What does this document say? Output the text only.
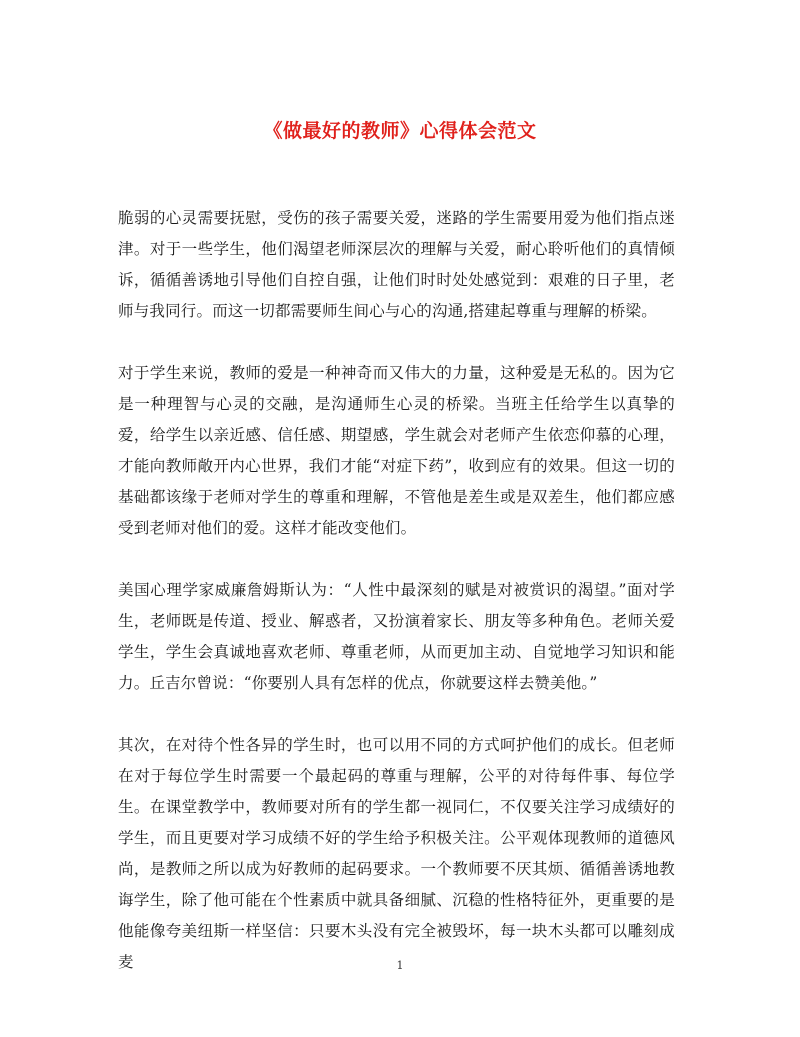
《做最好的教师》心得体会范文

脆弱的心灵需要抚慰，受伤的孩子需要关爱，迷路的学生需要用爱为他们指点迷津。对于一些学生，他们渴望老师深层次的理解与关爱，耐心聆听他们的真情倾诉，循循善诱地引导他们自控自强，让他们时时处处感觉到：艰难的日子里，老师与我同行。而这一切都需要师生间心与心的沟通,搭建起尊重与理解的桥梁。

对于学生来说，教师的爱是一种神奇而又伟大的力量，这种爱是无私的。因为它是一种理智与心灵的交融，是沟通师生心灵的桥梁。当班主任给学生以真挚的爱，给学生以亲近感、信任感、期望感，学生就会对老师产生依恋仰慕的心理，才能向教师敞开内心世界，我们才能“对症下药”，收到应有的效果。但这一切的基础都该缘于老师对学生的尊重和理解，不管他是差生或是双差生，他们都应感受到老师对他们的爱。这样才能改变他们。

美国心理学家威廉詹姆斯认为：“人性中最深刻的赋是对被赏识的渴望。”面对学生，老师既是传道、授业、解惑者，又扮演着家长、朋友等多种角色。老师关爱学生，学生会真诚地喜欢老师、尊重老师，从而更加主动、自觉地学习知识和能力。丘吉尔曾说：“你要别人具有怎样的优点，你就要这样去赞美他。”

其次，在对待个性各异的学生时，也可以用不同的方式呵护他们的成长。但老师在对于每位学生时需要一个最起码的尊重与理解，公平的对待每件事、每位学生。在课堂教学中，教师要对所有的学生都一视同仁，不仅要关注学习成绩好的学生，而且更要对学习成绩不好的学生给予积极关注。公平观体现教师的道德风尚，是教师之所以成为好教师的起码要求。一个教师要不厌其烦、循循善诱地教诲学生，除了他可能在个性素质中就具备细腻、沉稳的性格特征外，更重要的是他能像夸美纽斯一样坚信：只要木头没有完全被毁坏，每一块木头都可以雕刻成麦	1
